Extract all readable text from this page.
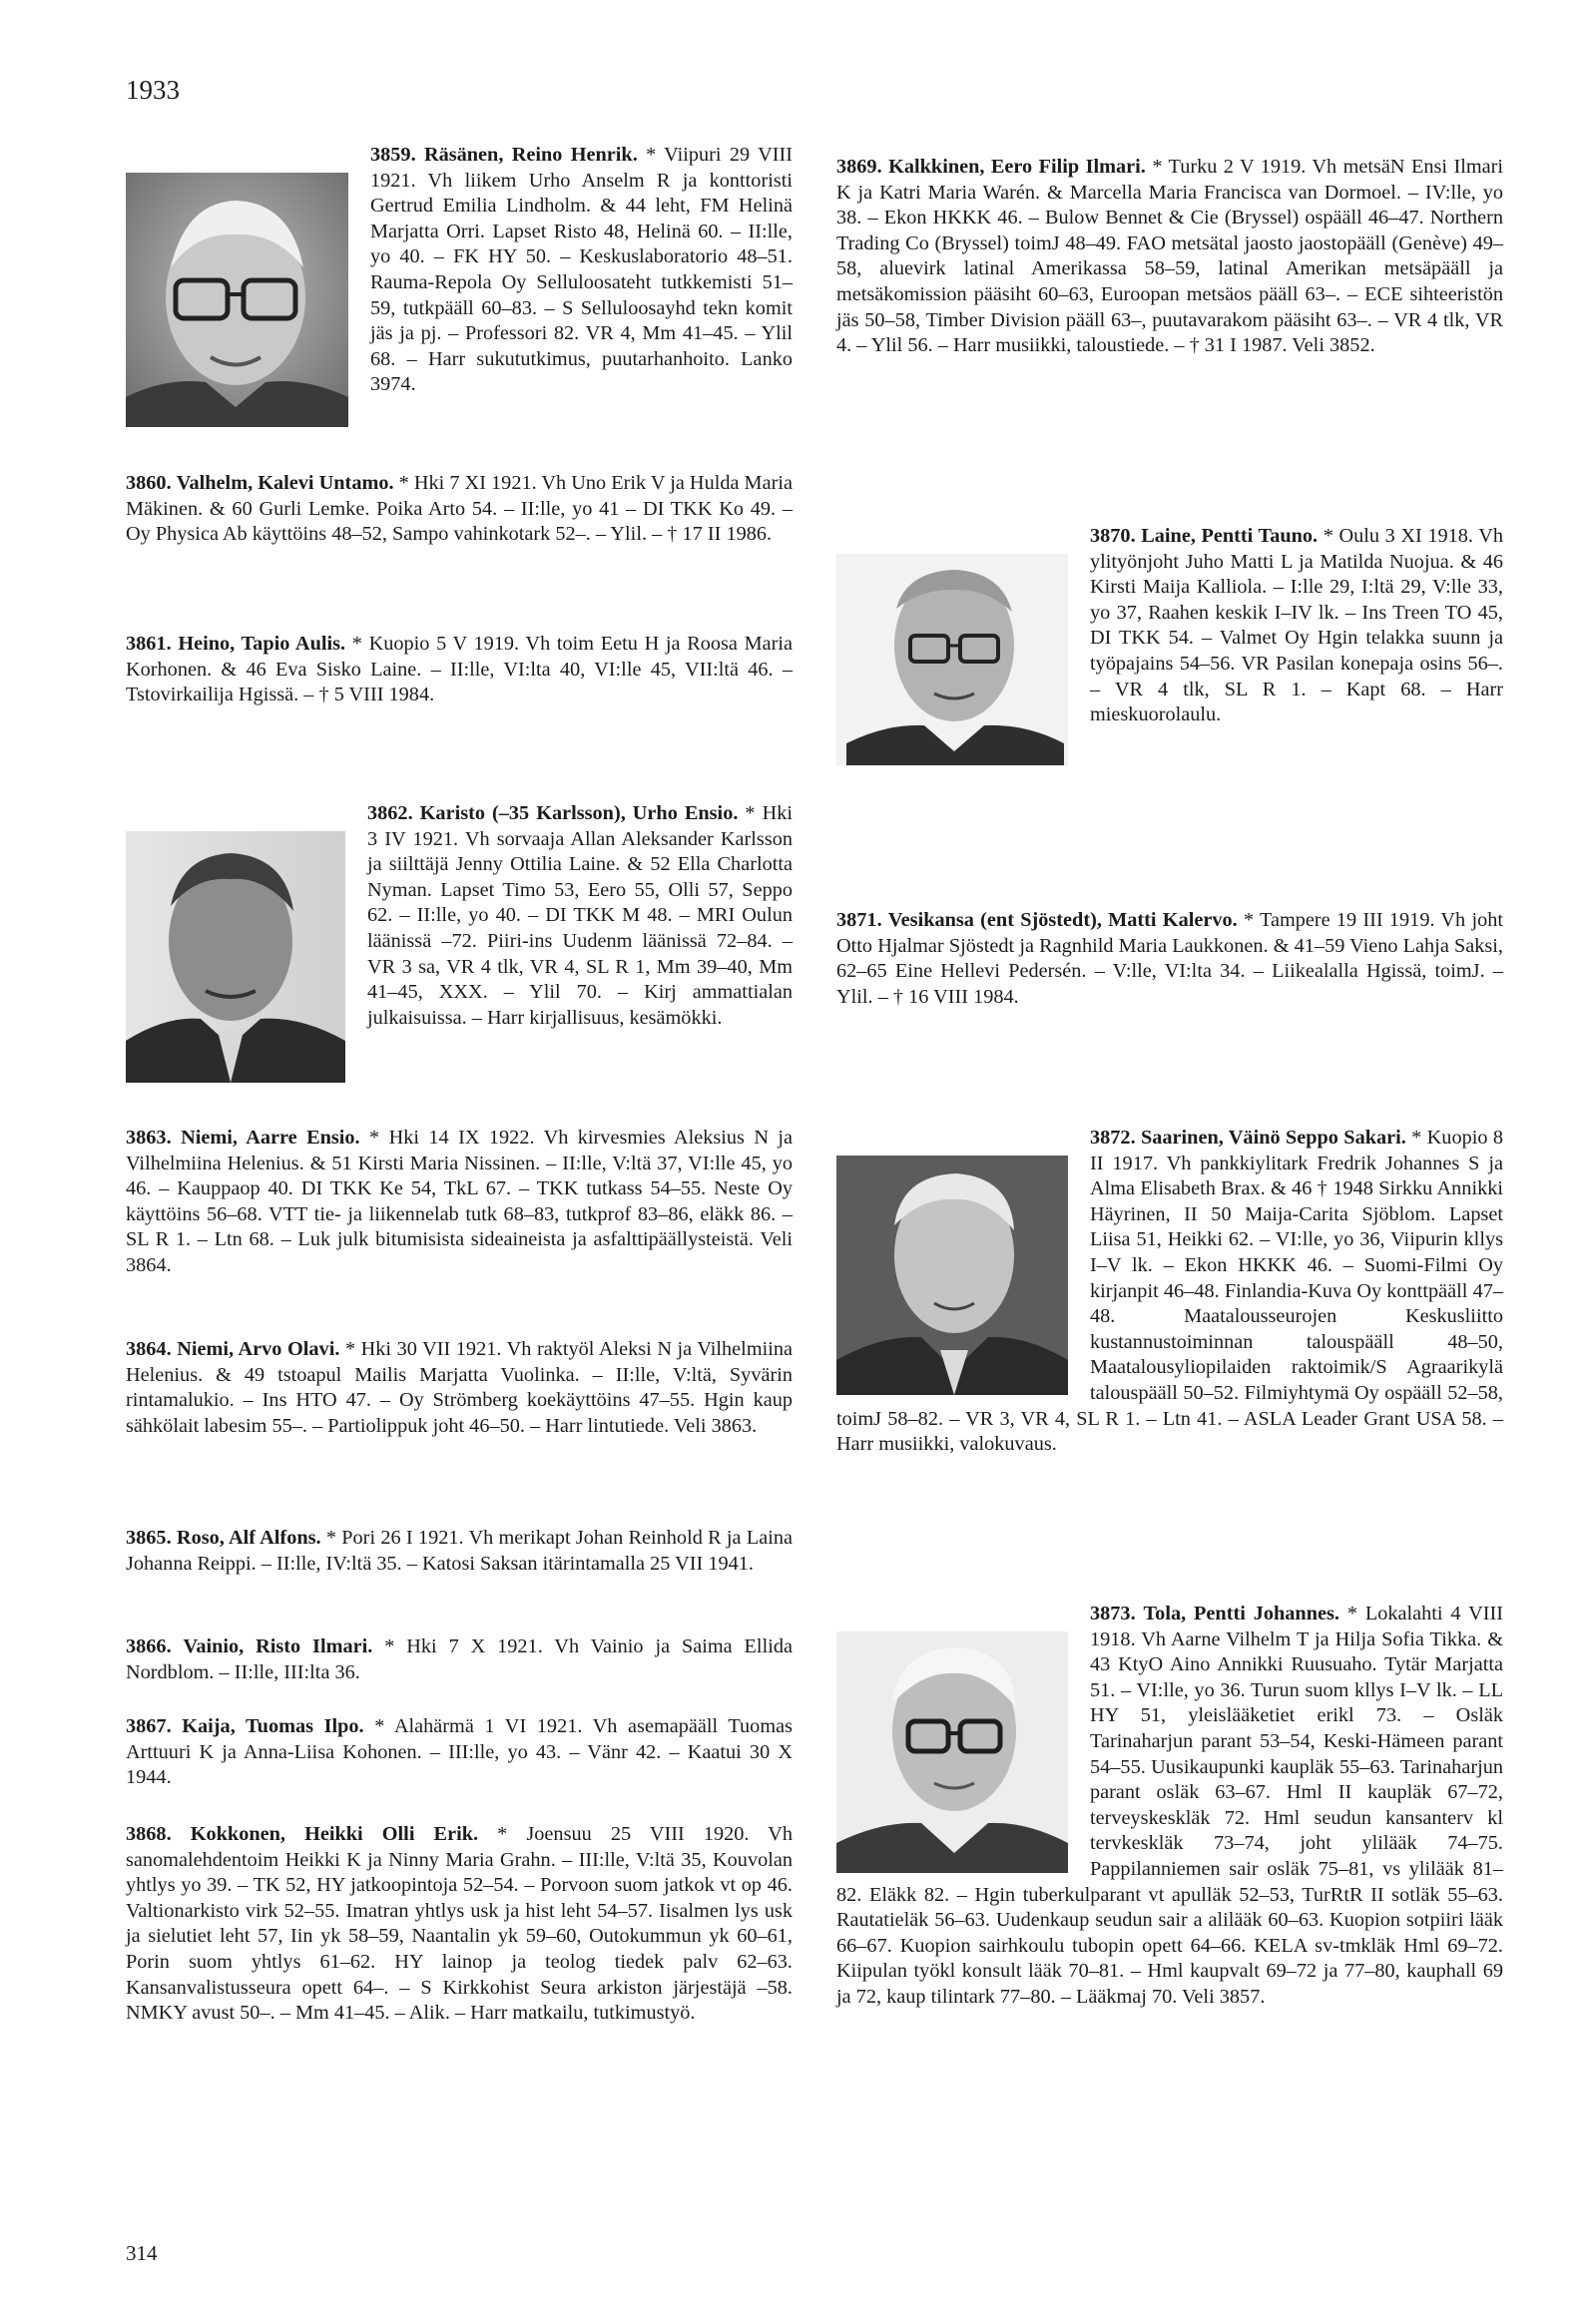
1933
3859. Räsänen, Reino Henrik. * Viipuri 29 VIII 1921. Vh liikem Urho Anselm R ja konttoristi Gertrud Emilia Lindholm. & 44 leht, FM Helinä Marjatta Orri. Lapset Risto 48, Helinä 60. – II:lle, yo 40. – FK HY 50. – Keskuslaboratorio 48–51. Rauma-Repola Oy Selluloosateht tutkkemisti 51–59, tutkpääll 60–83. – S Selluloosayhd tekn komit jäs ja pj. – Professori 82. VR 4, Mm 41–45. – Ylil 68. – Harr sukututkimus, puutarhanhoito. Lanko 3974.
3860. Valhelm, Kalevi Untamo. * Hki 7 XI 1921. Vh Uno Erik V ja Hulda Maria Mäkinen. & 60 Gurli Lemke. Poika Arto 54. – II:lle, yo 41 – DI TKK Ko 49. – Oy Physica Ab käyttöins 48–52, Sampo vahinkotark 52–. – Ylil. – † 17 II 1986.
3861. Heino, Tapio Aulis. * Kuopio 5 V 1919. Vh toim Eetu H ja Roosa Maria Korhonen. & 46 Eva Sisko Laine. – II:lle, VI:lta 40, VI:lle 45, VII:ltä 46. – Tstovirkailija Hgissä. – † 5 VIII 1984.
3862. Karisto (–35 Karlsson), Urho Ensio. * Hki 3 IV 1921. Vh sorvaaja Allan Aleksander Karlsson ja siilttäjä Jenny Ottilia Laine. & 52 Ella Charlotta Nyman. Lapset Timo 53, Eero 55, Olli 57, Seppo 62. – II:lle, yo 40. – DI TKK M 48. – MRI Oulun läänissä –72. Piiri-ins Uudenm läänissä 72–84. – VR 3 sa, VR 4 tlk, VR 4, SL R 1, Mm 39–40, Mm 41–45, XXX. – Ylil 70. – Kirj ammattialan julkaisuissa. – Harr kirjallisuus, kesämökki.
3863. Niemi, Aarre Ensio. * Hki 14 IX 1922. Vh kirvesmies Aleksius N ja Vilhelmiina Helenius. & 51 Kirsti Maria Nissinen. – II:lle, V:ltä 37, VI:lle 45, yo 46. – Kauppaop 40. DI TKK Ke 54, TkL 67. – TKK tutkass 54–55. Neste Oy käyttöins 56–68. VTT tie- ja liikennelab tutk 68–83, tutkprof 83–86, eläkk 86. – SL R 1. – Ltn 68. – Luk julk bitumisista sideaineista ja asfalttipäällysteistä. Veli 3864.
3864. Niemi, Arvo Olavi. * Hki 30 VII 1921. Vh raktyöl Aleksi N ja Vilhelmiina Helenius. & 49 tstoapul Mailis Marjatta Vuolinka. – II:lle, V:ltä, Syvärin rintamalukio. – Ins HTO 47. – Oy Strömberg koekäyttöins 47–55. Hgin kaup sähkölait labesim 55–. – Partiolippuk joht 46–50. – Harr lintutiede. Veli 3863.
3865. Roso, Alf Alfons. * Pori 26 I 1921. Vh merikapt Johan Reinhold R ja Laina Johanna Reippi. – II:lle, IV:ltä 35. – Katosi Saksan itärintamalla 25 VII 1941.
3866. Vainio, Risto Ilmari. * Hki 7 X 1921. Vh Vainio ja Saima Ellida Nordblom. – II:lle, III:lta 36.
3867. Kaija, Tuomas Ilpo. * Alahärmä 1 VI 1921. Vh asemapääll Tuomas Arttuuri K ja Anna-Liisa Kohonen. – III:lle, yo 43. – Vänr 42. – Kaatui 30 X 1944.
3868. Kokkonen, Heikki Olli Erik. * Joensuu 25 VIII 1920. Vh sanomalehdentoim Heikki K ja Ninny Maria Grahn. – III:lle, V:ltä 35, Kouvolan yhtlys yo 39. – TK 52, HY jatkoopintoja 52–54. – Porvoon suom jatkok vt op 46. Valtionarkisto virk 52–55. Imatran yhtlys usk ja hist leht 54–57. Iisalmen lys usk ja sielutiet leht 57, Iin yk 58–59, Naantalin yk 59–60, Outokummun yk 60–61, Porin suom yhtlys 61–62. HY lainop ja teolog tiedek palv 62–63. Kansanvalistusseura opett 64–. – S Kirkkohist Seura arkiston järjestäjä –58. NMKY avust 50–. – Mm 41–45. – Alik. – Harr matkailu, tutkimustyö.
3869. Kalkkinen, Eero Filip Ilmari. * Turku 2 V 1919. Vh metsäN Ensi Ilmari K ja Katri Maria Warén. & Marcella Maria Francisca van Dormoel. – IV:lle, yo 38. – Ekon HKKK 46. – Bulow Bennet & Cie (Bryssel) ospääll 46–47. Northern Trading Co (Bryssel) toimJ 48–49. FAO metsätal jaosto jaostopääll (Genève) 49–58, aluevirk latinal Amerikassa 58–59, latinal Amerikan metsäpääll ja metsäkomission pääsiht 60–63, Euroopan metsäos pääll 63–. – ECE sihteeristön jäs 50–58, Timber Division pääll 63–, puutavarakom pääsiht 63–. – VR 4 tlk, VR 4. – Ylil 56. – Harr musiikki, taloustiede. – † 31 I 1987. Veli 3852.
3870. Laine, Pentti Tauno. * Oulu 3 XI 1918. Vh ylityönjoht Juho Matti L ja Matilda Nuojua. & 46 Kirsti Maija Kalliola. – I:lle 29, I:ltä 29, V:lle 33, yo 37, Raahen keskik I–IV lk. – Ins Treen TO 45, DI TKK 54. – Valmet Oy Hgin telakka suunn ja työpajains 54–56. VR Pasilan konepaja osins 56–. – VR 4 tlk, SL R 1. – Kapt 68. – Harr mieskuorolaulu.
3871. Vesikansa (ent Sjöstedt), Matti Kalervo. * Tampere 19 III 1919. Vh joht Otto Hjalmar Sjöstedt ja Ragnhild Maria Laukkonen. & 41–59 Vieno Lahja Saksi, 62–65 Eine Hellevi Pedersén. – V:lle, VI:lta 34. – Liikealalla Hgissä, toimJ. – Ylil. – † 16 VIII 1984.
3872. Saarinen, Väinö Seppo Sakari. * Kuopio 8 II 1917. Vh pankkiylitark Fredrik Johannes S ja Alma Elisabeth Brax. & 46 † 1948 Sirkku Annikki Häyrinen, II 50 Maija-Carita Sjöblom. Lapset Liisa 51, Heikki 62. – VI:lle, yo 36, Viipurin kllys I–V lk. – Ekon HKKK 46. – Suomi-Filmi Oy kirjanpit 46–48. Finlandia-Kuva Oy konttpääll 47–48. Maatalousseurojen Keskusliitto kustannustoiminnan talouspääll 48–50, Maatalousyliopilaiden raktoimik/S Agraarikylä talouspääll 50–52. Filmiyhtymä Oy ospääll 52–58, toimJ 58–82. – VR 3, VR 4, SL R 1. – Ltn 41. – ASLA Leader Grant USA 58. – Harr musiikki, valokuvaus.
3873. Tola, Pentti Johannes. * Lokalahti 4 VIII 1918. Vh Aarne Vilhelm T ja Hilja Sofia Tikka. & 43 KtyO Aino Annikki Ruusuaho. Tytär Marjatta 51. – VI:lle, yo 36. Turun suom kllys I–V lk. – LL HY 51, yleislääketiet erikl 73. – Osläk Tarinaharjun parant 53–54, Keski-Hämeen parant 54–55. Uusikaupunki kaupläk 55–63. Tarinaharjun parant osläk 63–67. Hml II kaupläk 67–72, terveyskeskläk 72. Hml seudun kansanterv kl tervkeskläk 73–74, joht ylilääk 74–75. Pappilanniemen sair osläk 75–81, vs ylilääk 81–82. Eläkk 82. – Hgin tuberkulparant vt apulläk 52–53, TurRtR II sotläk 55–63. Rautatieläk 56–63. Uudenkaup seudun sair a alilääk 60–63. Kuopion sotpiiri lääk 66–67. Kuopion sairhkoulu tubopin opett 64–66. KELA sv-tmkläk Hml 69–72. Kiipulan työkl konsult lääk 70–81. – Hml kaupvalt 69–72 ja 77–80, kauphall 69 ja 72, kaup tilintark 77–80. – Lääkmaj 70. Veli 3857.
314
